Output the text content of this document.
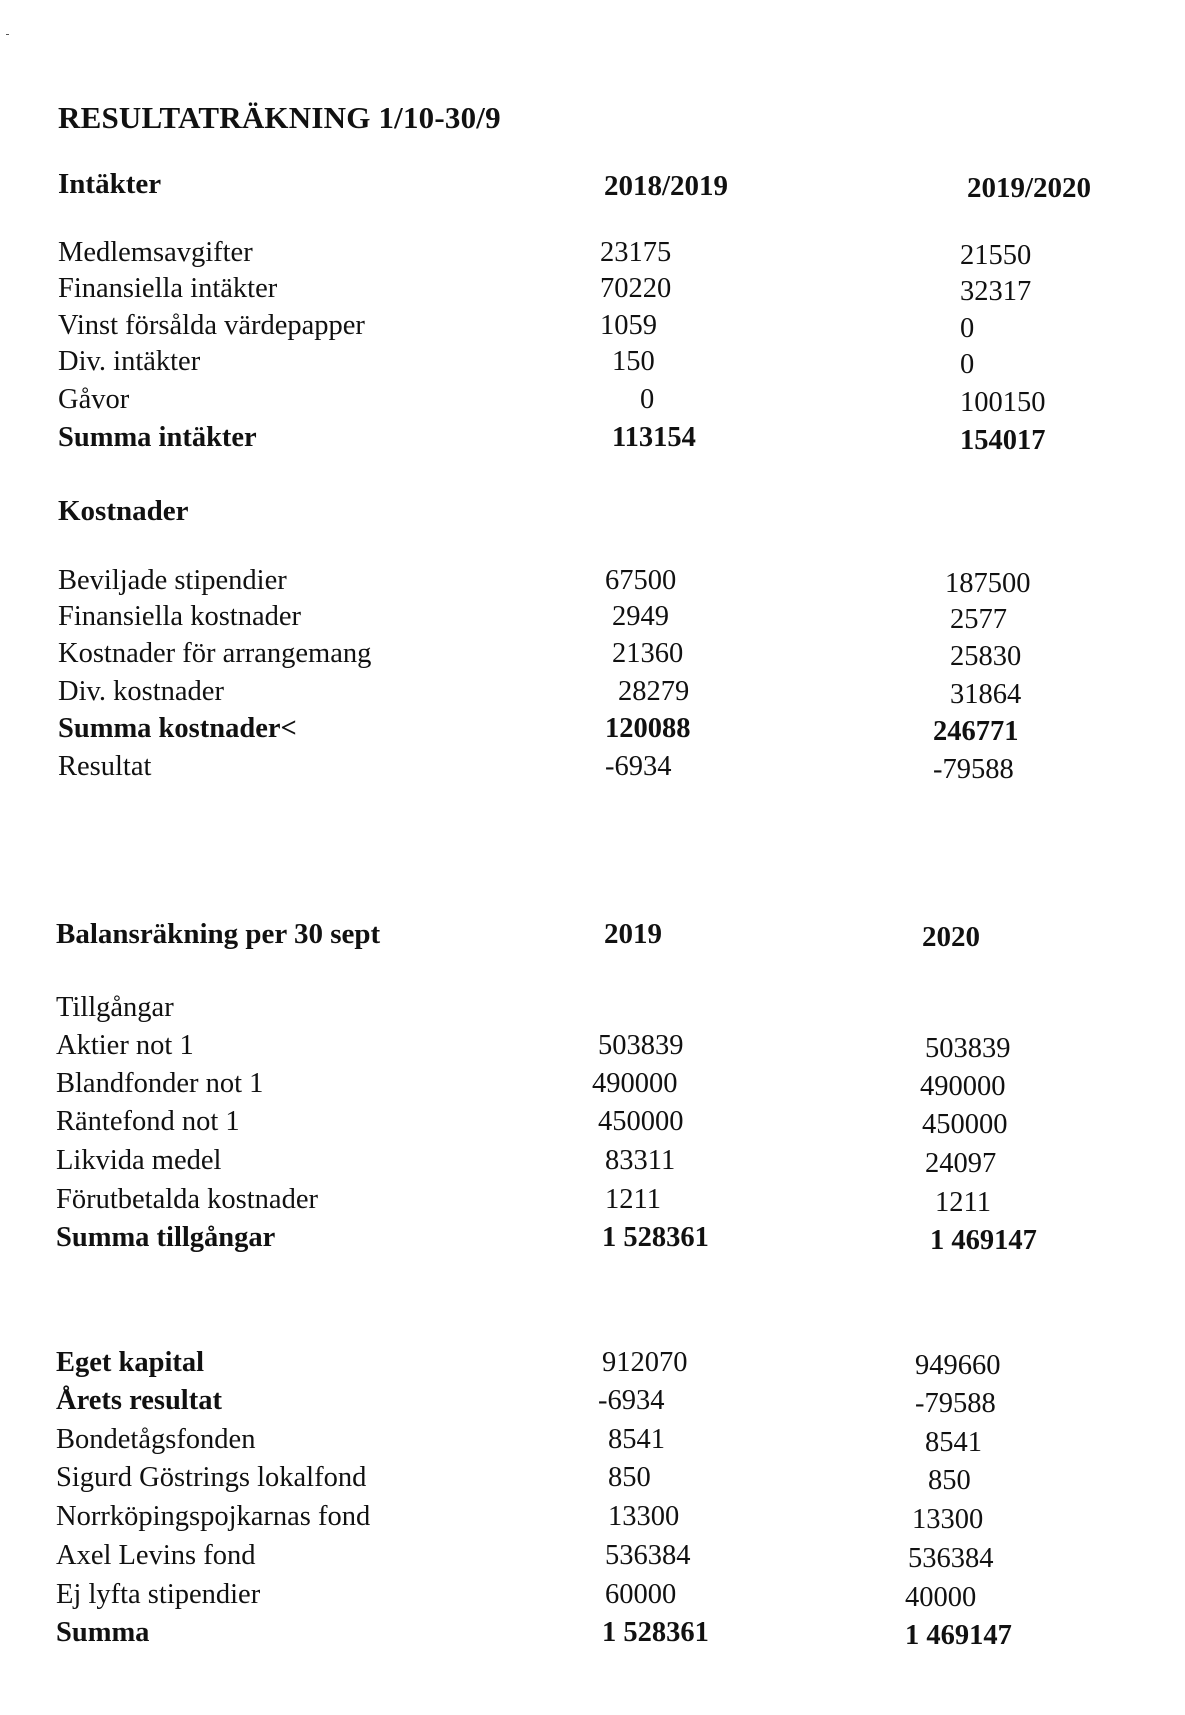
RESULTATRÄKNING 1/10-30/9
Intäkter	2018/2019	2019/2020
Medlemsavgifter	23175	21550
Finansiella intäkter	70220	32317
Vinst försålda värdepapper	1059	0
Div. intäkter	150	0
Gåvor	0	100150
Summa intäkter	113154	154017
Kostnader
Beviljade stipendier	67500	187500
Finansiella kostnader	2949	2577
Kostnader för arrangemang	21360	25830
Div. kostnader	28279	31864
Summa kostnader<	120088	246771
Resultat	-6934	-79588
Balansräkning per 30 sept	2019	2020
Tillgångar
Aktier not 1	503839	503839
Blandfonder not 1	490000	490000
Räntefond not 1	450000	450000
Likvida medel	83311	24097
Förutbetalda kostnader	1211	1211
Summa tillgångar	1 528361	1 469147
Eget kapital	912070	949660
Årets resultat	-6934	-79588
Bondetågsfonden	8541	8541
Sigurd Göstrings lokalfond	850	850
Norrköpingspojkarnas fond	13300	13300
Axel Levins fond	536384	536384
Ej lyfta stipendier	60000	40000
Summa	1 528361	1 469147
